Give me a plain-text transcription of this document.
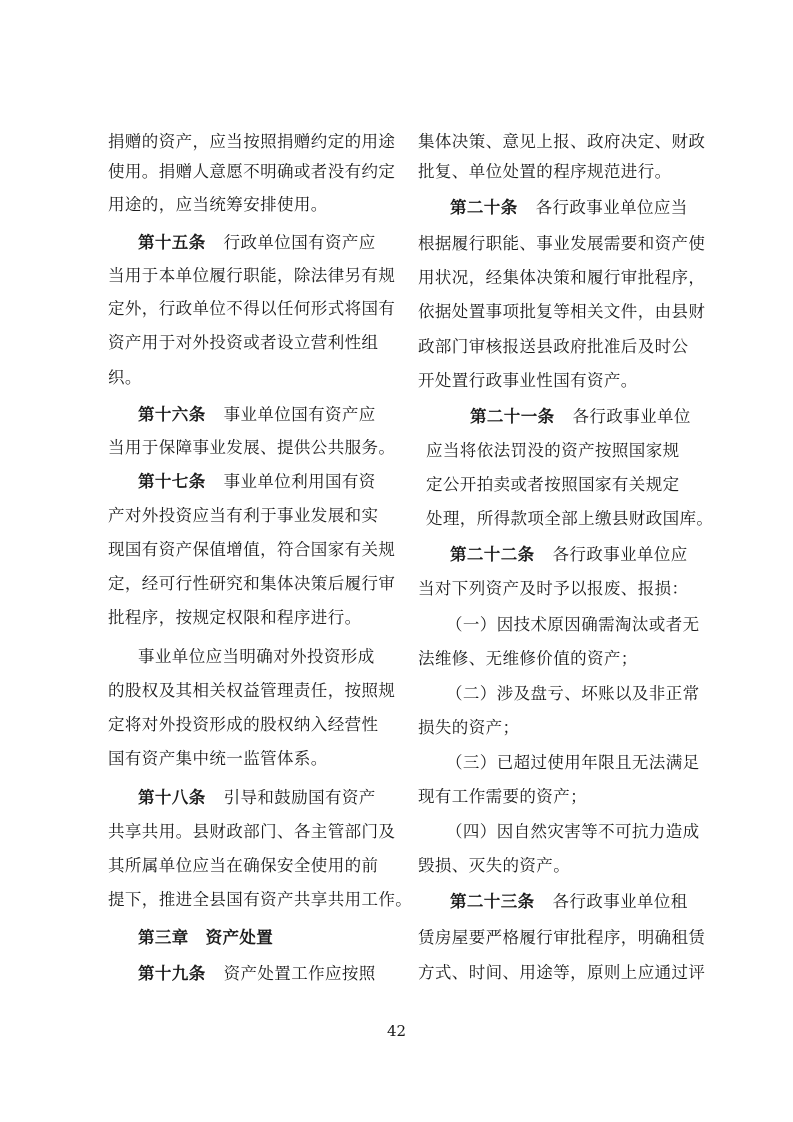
捐赠的资产，应当按照捐赠约定的用途
使用。捐赠人意愿不明确或者没有约定
用途的，应当统筹安排使用。
第十五条 行政单位国有资产应
当用于本单位履行职能，除法律另有规
定外，行政单位不得以任何形式将国有
资产用于对外投资或者设立营利性组
织。
第十六条 事业单位国有资产应
当用于保障事业发展、提供公共服务。
第十七条 事业单位利用国有资
产对外投资应当有利于事业发展和实
现国有资产保值增值，符合国家有关规
定，经可行性研究和集体决策后履行审
批程序，按规定权限和程序进行。
事业单位应当明确对外投资形成
的股权及其相关权益管理责任，按照规
定将对外投资形成的股权纳入经营性
国有资产集中统一监管体系。
第十八条 引导和鼓励国有资产
共享共用。县财政部门、各主管部门及
其所属单位应当在确保安全使用的前
提下，推进全县国有资产共享共用工作。
第三章　资产处置
第十九条 资产处置工作应按照
集体决策、意见上报、政府决定、财政
批复、单位处置的程序规范进行。
第二十条 各行政事业单位应当
根据履行职能、事业发展需要和资产使
用状况，经集体决策和履行审批程序，
依据处置事项批复等相关文件，由县财
政部门审核报送县政府批准后及时公
开处置行政事业性国有资产。
第二十一条 各行政事业单位
应当将依法罚没的资产按照国家规
定公开拍卖或者按照国家有关规定
处理，所得款项全部上缴县财政国库。
第二十二条 各行政事业单位应
当对下列资产及时予以报废、报损：
（一）因技术原因确需淘汰或者无
法维修、无维修价值的资产；
（二）涉及盘亏、坏账以及非正常
损失的资产；
（三）已超过使用年限且无法满足
现有工作需要的资产；
（四）因自然灾害等不可抗力造成
毁损、灭失的资产。
第二十三条 各行政事业单位租
赁房屋要严格履行审批程序，明确租赁
方式、时间、用途等，原则上应通过评
42
